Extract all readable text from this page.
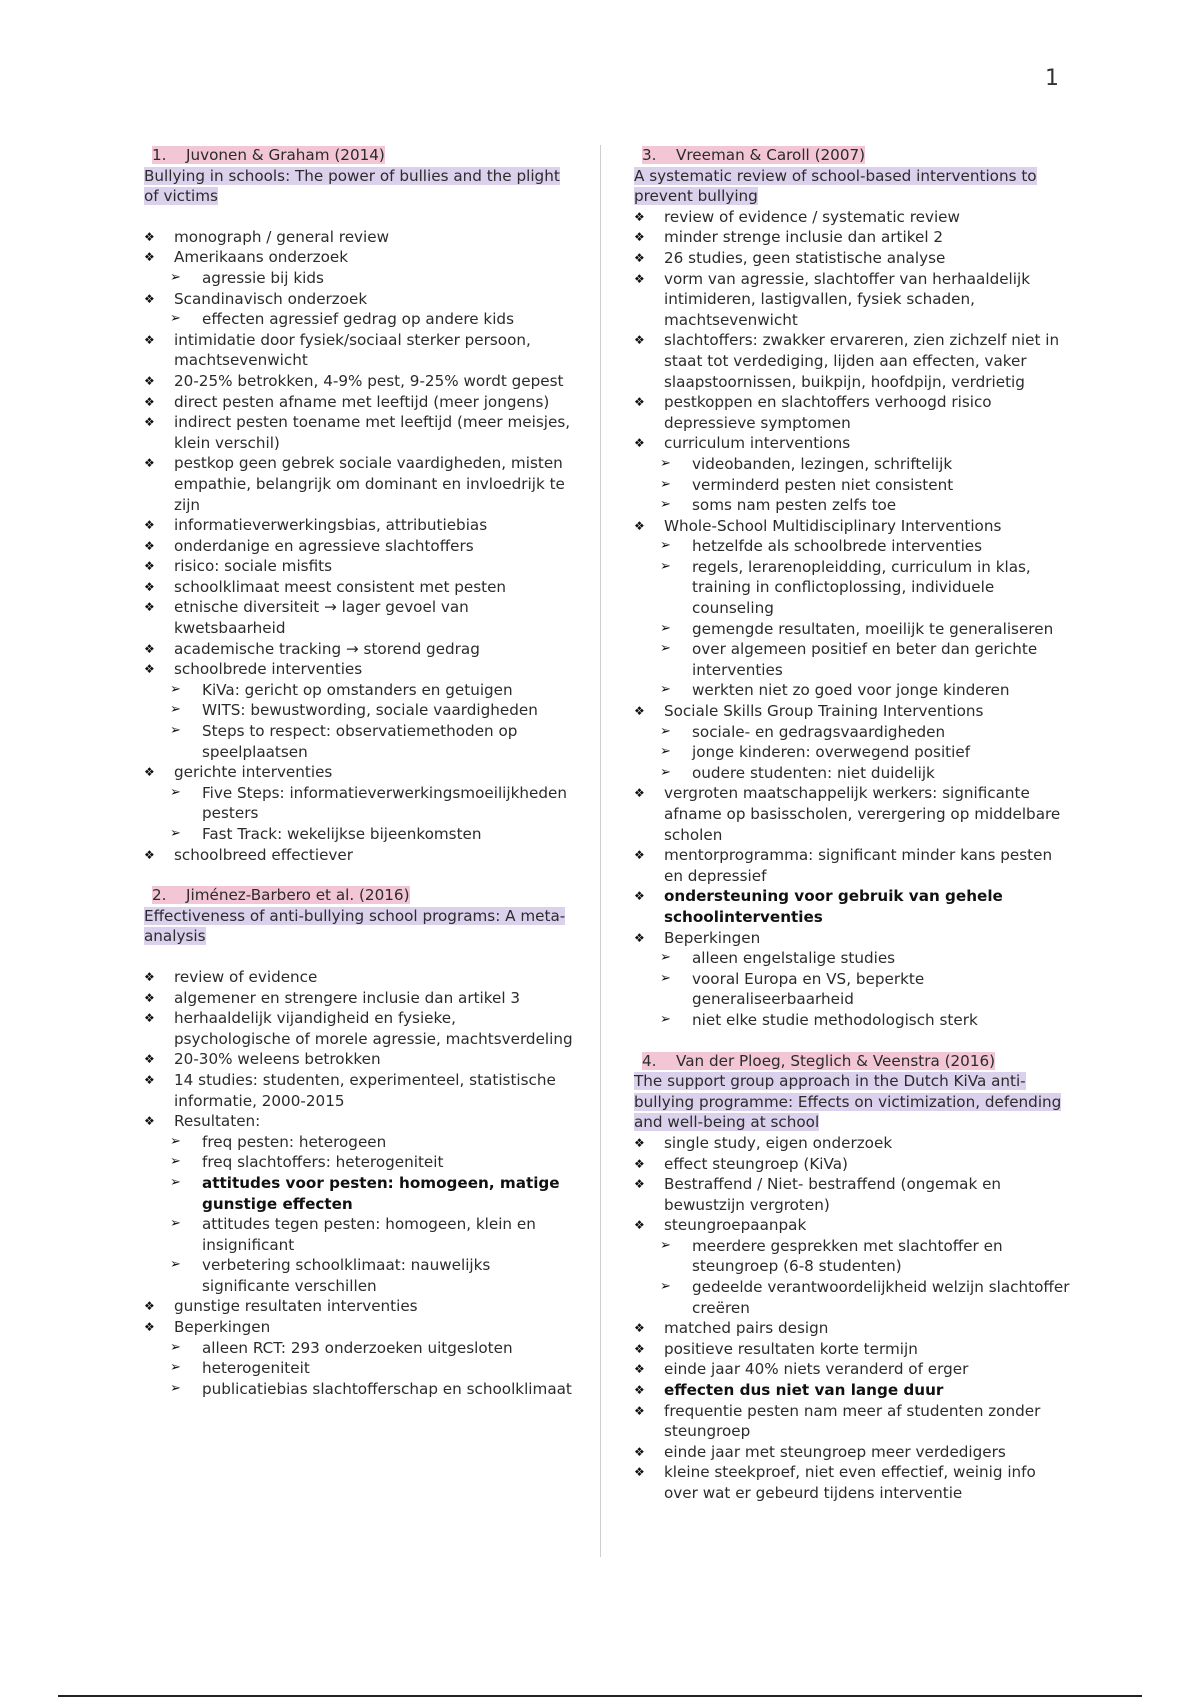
1

1. Juvonen & Graham (2014)

Bullying in schools: The power of bullies and the plight of victims

❖ monograph / general review
❖ Amerikaans onderzoek
➢ agressie bij kids
❖ Scandinavisch onderzoek
➢ effecten agressief gedrag op andere kids
❖ intimidatie door fysiek/sociaal sterker persoon, machtsevenwicht
❖ 20-25% betrokken, 4-9% pest, 9-25% wordt gepest
❖ direct pesten afname met leeftijd (meer jongens)
❖ indirect pesten toename met leeftijd (meer meisjes, klein verschil)
❖ pestkop geen gebrek sociale vaardigheden, misten empathie, belangrijk om dominant en invloedrijk te zijn
❖ informatieverwerkingsbias, attributiebias
❖ onderdanige en agressieve slachtoffers
❖ risico: sociale misfits
❖ schoolklimaat meest consistent met pesten
❖ etnische diversiteit → lager gevoel van kwetsbaarheid
❖ academische tracking → storend gedrag
❖ schoolbrede interventies
➢ KiVa: gericht op omstanders en getuigen
➢ WITS: bewustwording, sociale vaardigheden
➢ Steps to respect: observatiemethoden op speelplaatsen
❖ gerichte interventies
➢ Five Steps: informatieverwerkingsmoeilijkheden pesters
➢ Fast Track: wekelijkse bijeenkomsten
❖ schoolbreed effectiever

2. Jiménez-Barbero et al. (2016)

Effectiveness of anti-bullying school programs: A meta-analysis

❖ review of evidence
❖ algemener en strengere inclusie dan artikel 3
❖ herhaaldelijk vijandigheid en fysieke, psychologische of morele agressie, machtsverdeling
❖ 20-30% weleens betrokken
❖ 14 studies: studenten, experimenteel, statistische informatie, 2000-2015
❖ Resultaten:
➢ freq pesten: heterogeen
➢ freq slachtoffers: heterogeniteit
➢ attitudes voor pesten: homogeen, matige gunstige effecten
➢ attitudes tegen pesten: homogeen, klein en insignificant
➢ verbetering schoolklimaat: nauwelijks significante verschillen
❖ gunstige resultaten interventies
❖ Beperkingen
➢ alleen RCT: 293 onderzoeken uitgesloten
➢ heterogeniteit
➢ publicatiebias slachtofferschap en schoolklimaat

3. Vreeman & Caroll (2007)

A systematic review of school-based interventions to prevent bullying

❖ review of evidence / systematic review
❖ minder strenge inclusie dan artikel 2
❖ 26 studies, geen statistische analyse
❖ vorm van agressie, slachtoffer van herhaaldelijk intimideren, lastigvallen, fysiek schaden, machtsevenwicht
❖ slachtoffers: zwakker ervareren, zien zichzelf niet in staat tot verdediging, lijden aan effecten, vaker slaapstoornissen, buikpijn, hoofdpijn, verdrietig
❖ pestkoppen en slachtoffers verhoogd risico depressieve symptomen
❖ curriculum interventions
➢ videobanden, lezingen, schriftelijk
➢ verminderd pesten niet consistent
➢ soms nam pesten zelfs toe
❖ Whole-School Multidisciplinary Interventions
➢ hetzelfde als schoolbrede interventies
➢ regels, lerarenopleidding, curriculum in klas, training in conflictoplossing, individuele counseling
➢ gemengde resultaten, moeilijk te generaliseren
➢ over algemeen positief en beter dan gerichte interventies
➢ werkten niet zo goed voor jonge kinderen
❖ Sociale Skills Group Training Interventions
➢ sociale- en gedragsvaardigheden
➢ jonge kinderen: overwegend positief
➢ oudere studenten: niet duidelijk
❖ vergroten maatschappelijk werkers: significante afname op basisscholen, verergering op middelbare scholen
❖ mentorprogramma: significant minder kans pesten en depressief
❖ ondersteuning voor gebruik van gehele schoolinterventies
❖ Beperkingen
➢ alleen engelstalige studies
➢ vooral Europa en VS, beperkte generaliseerbaarheid
➢ niet elke studie methodologisch sterk

4. Van der Ploeg, Steglich & Veenstra (2016)

The support group approach in the Dutch KiVa anti-bullying programme: Effects on victimization, defending and well-being at school

❖ single study, eigen onderzoek
❖ effect steungroep (KiVa)
❖ Bestraffend / Niet- bestraffend (ongemak en bewustzijn vergroten)
❖ steungroepaanpak
➢ meerdere gesprekken met slachtoffer en steungroep (6-8 studenten)
➢ gedeelde verantwoordelijkheid welzijn slachtoffer creëren
❖ matched pairs design
❖ positieve resultaten korte termijn
❖ einde jaar 40% niets veranderd of erger
❖ effecten dus niet van lange duur
❖ frequentie pesten nam meer af studenten zonder steungroep
❖ einde jaar met steungroep meer verdedigers
❖ kleine steekproef, niet even effectief, weinig info over wat er gebeurd tijdens interventie
